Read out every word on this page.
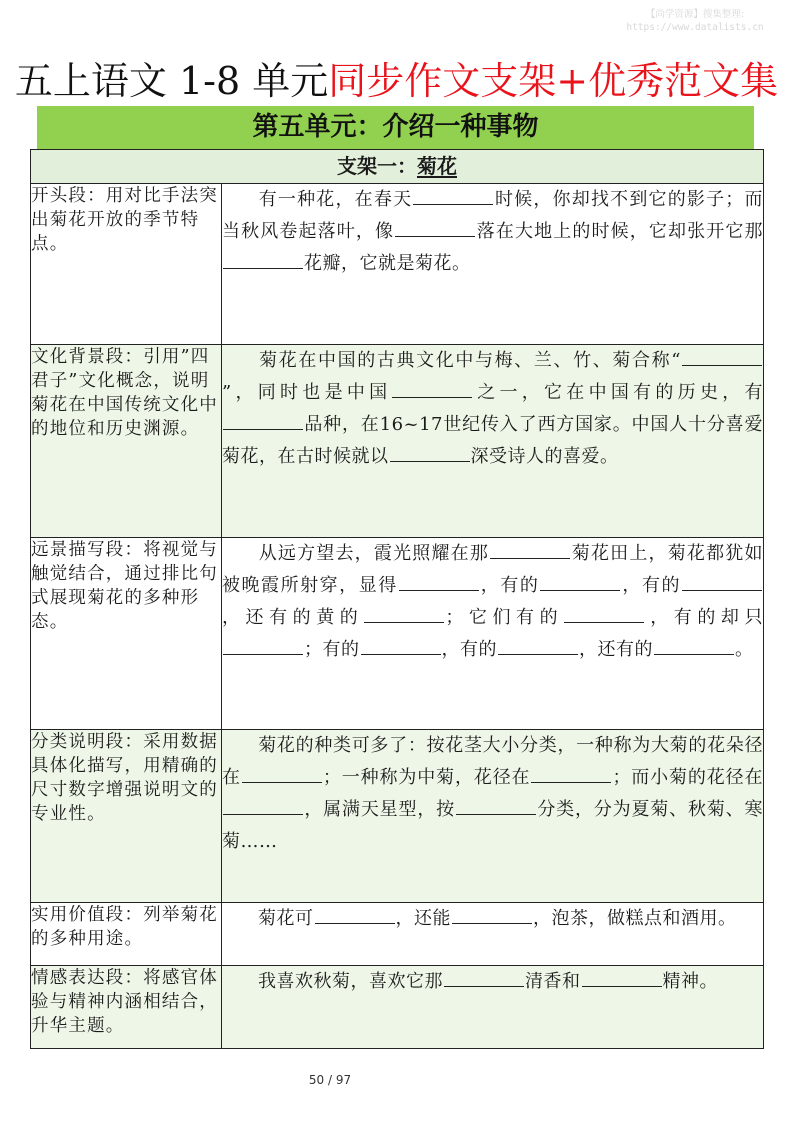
【尚学资源】搜集整理:
https://www.datalists.cn
五上语文 1-8 单元同步作文支架+优秀范文集
第五单元：介绍一种事物
支架一：菊花	
开头段：用对比手法突出菊花开放的季节特点。	有一种花，在春天 时候，你却找不到它的影子；而当秋风卷起落叶，像 落在大地上的时候，它却张开它那花瓣，它就是菊花。
文化背景段：引用”四君子”文化概念，说明菊花在中国传统文化中的地位和历史渊源。	菊花在中国的古典文化中与梅、兰、竹、菊合称“”，同时也是中国 之一，它在中国有的历史，有品种，在16~17世纪传入了西方国家。中国人十分喜爱菊花，在古时候就以 深受诗人的喜爱。
远景描写段：将视觉与触觉结合，通过排比句式展现菊花的多种形态。	从远方望去，霞光照耀在那 菊花田上，菊花都犹如被晚霞所射穿，显得 ，有的 ，有的，还有的黄的 ；它们有的 ，有的却只；有的 ，有的 ，还有的 。
分类说明段：采用数据具体化描写，用精确的尺寸数字增强说明文的专业性。	菊花的种类可多了：按花茎大小分类，一种称为大菊的花朵径在 ；一种称为中菊，花径在 ；而小菊的花径在，属满天星型，按 分类，分为夏菊、秋菊、寒菊……
实用价值段：列举菊花的多种用途。	菊花可 ，还能 ，泡茶，做糕点和酒用。
情感表达段：将感官体验与精神内涵相结合，升华主题。	我喜欢秋菊，喜欢它那 清香和 精神。
50 / 97
